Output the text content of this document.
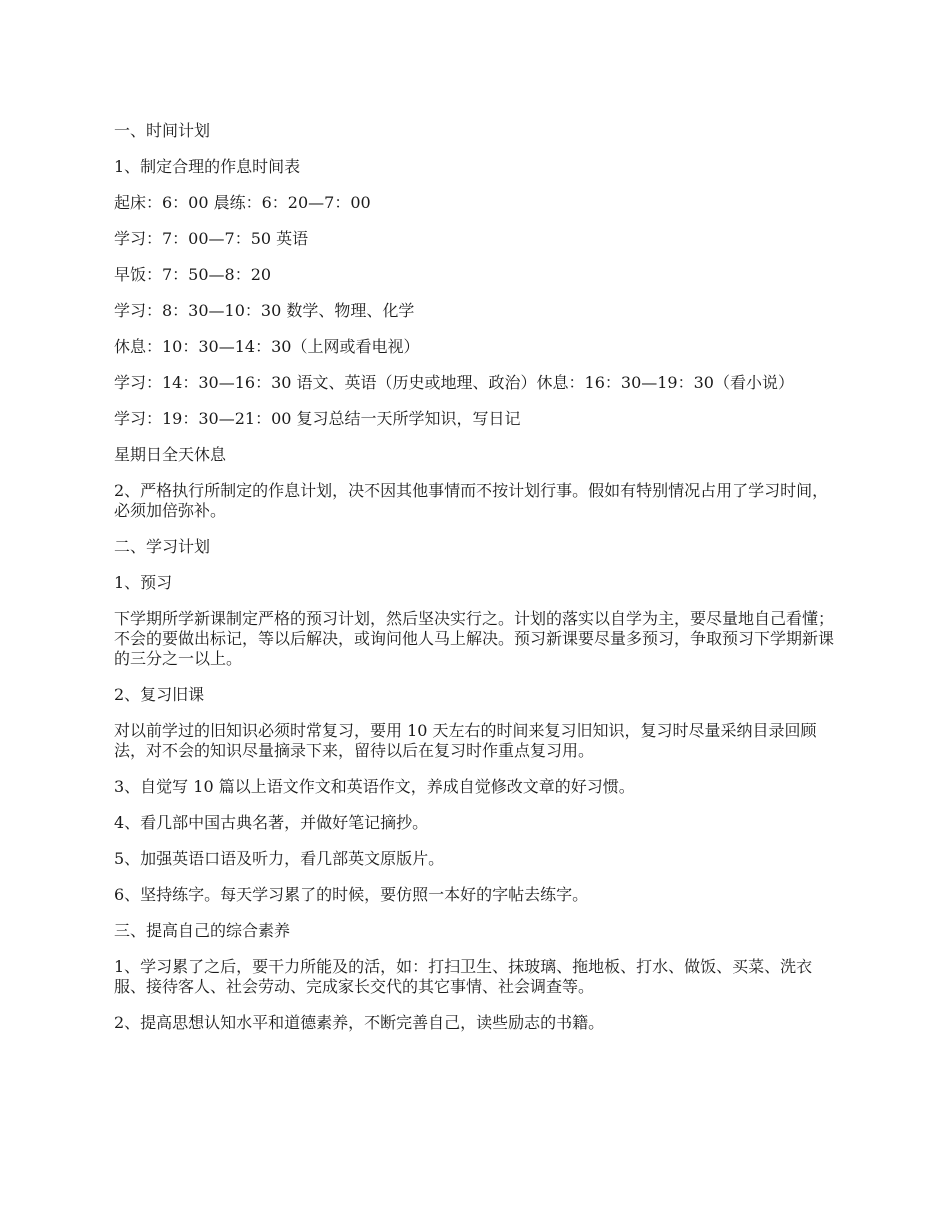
一、时间计划

1、制定合理的作息时间表

起床：6：00 晨练：6：20—7：00

学习：7：00—7：50 英语

早饭：7：50—8：20

学习：8：30—10：30 数学、物理、化学

休息：10：30—14：30（上网或看电视）

学习：14：30—16：30 语文、英语（历史或地理、政治）休息：16：30—19：30（看小说）

学习：19：30—21：00 复习总结一天所学知识，写日记

星期日全天休息

2、严格执行所制定的作息计划，决不因其他事情而不按计划行事。假如有特别情况占用了学习时间，必须加倍弥补。

二、学习计划

1、预习

下学期所学新课制定严格的预习计划，然后坚决实行之。计划的落实以自学为主，要尽量地自己看懂；不会的要做出标记，等以后解决，或询问他人马上解决。预习新课要尽量多预习，争取预习下学期新课的三分之一以上。

2、复习旧课

对以前学过的旧知识必须时常复习，要用 10 天左右的时间来复习旧知识，复习时尽量采纳目录回顾法，对不会的知识尽量摘录下来，留待以后在复习时作重点复习用。

3、自觉写 10 篇以上语文作文和英语作文，养成自觉修改文章的好习惯。

4、看几部中国古典名著，并做好笔记摘抄。

5、加强英语口语及听力，看几部英文原版片。

6、坚持练字。每天学习累了的时候，要仿照一本好的字帖去练字。

三、提高自己的综合素养

1、学习累了之后，要干力所能及的活，如：打扫卫生、抹玻璃、拖地板、打水、做饭、买菜、洗衣服、接待客人、社会劳动、完成家长交代的其它事情、社会调查等。

2、提高思想认知水平和道德素养，不断完善自己，读些励志的书籍。
